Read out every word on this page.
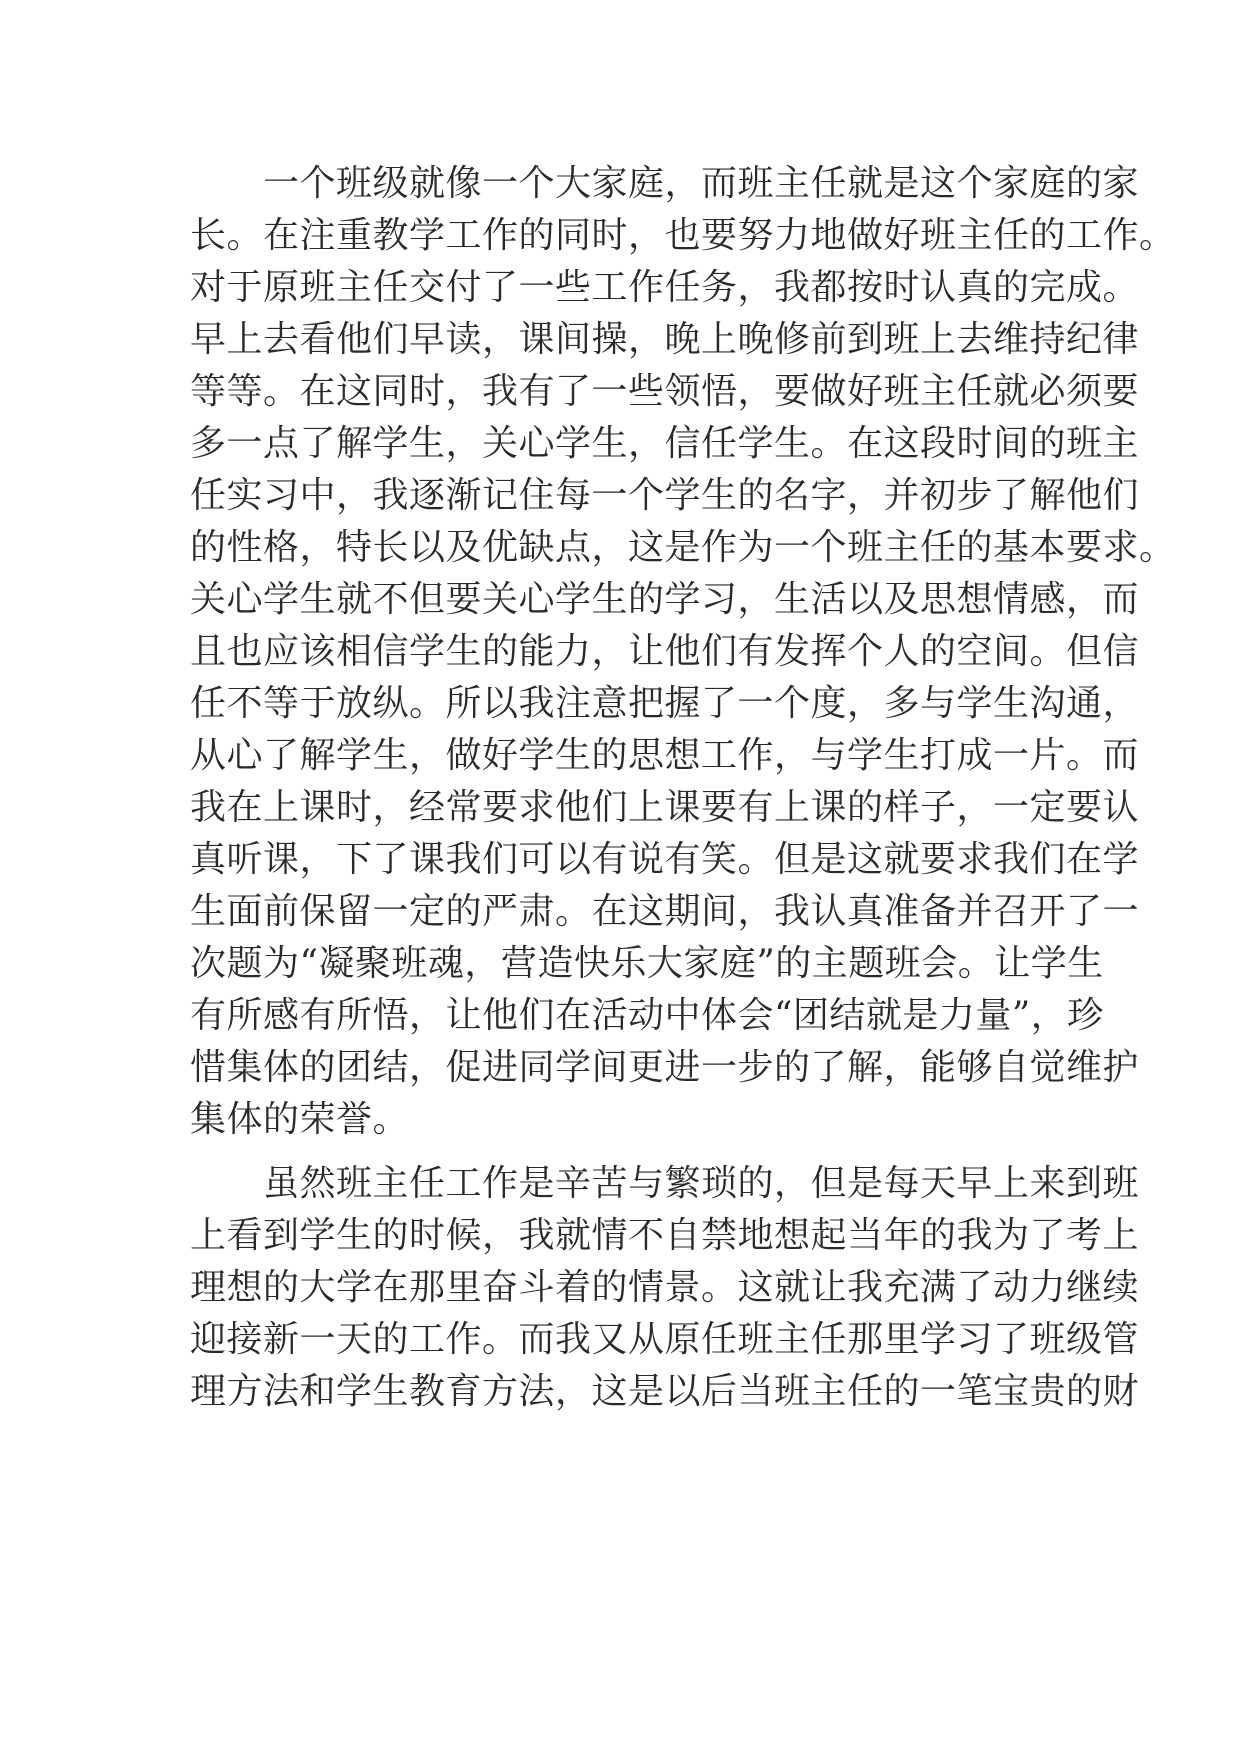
　　一个班级就像一个大家庭，而班主任就是这个家庭的家
长。在注重教学工作的同时，也要努力地做好班主任的工作。
对于原班主任交付了一些工作任务，我都按时认真的完成。
早上去看他们早读，课间操，晚上晚修前到班上去维持纪律
等等。在这同时，我有了一些领悟，要做好班主任就必须要
多一点了解学生，关心学生，信任学生。在这段时间的班主
任实习中，我逐渐记住每一个学生的名字，并初步了解他们
的性格，特长以及优缺点，这是作为一个班主任的基本要求。
关心学生就不但要关心学生的学习，生活以及思想情感，而
且也应该相信学生的能力，让他们有发挥个人的空间。但信
任不等于放纵。所以我注意把握了一个度，多与学生沟通，
从心了解学生，做好学生的思想工作，与学生打成一片。而
我在上课时，经常要求他们上课要有上课的样子，一定要认
真听课，下了课我们可以有说有笑。但是这就要求我们在学
生面前保留一定的严肃。在这期间，我认真准备并召开了一
次题为“凝聚班魂，营造快乐大家庭”的主题班会。让学生
有所感有所悟，让他们在活动中体会“团结就是力量”，珍
惜集体的团结，促进同学间更进一步的了解，能够自觉维护
集体的荣誉。
　　虽然班主任工作是辛苦与繁琐的，但是每天早上来到班
上看到学生的时候，我就情不自禁地想起当年的我为了考上
理想的大学在那里奋斗着的情景。这就让我充满了动力继续
迎接新一天的工作。而我又从原任班主任那里学习了班级管
理方法和学生教育方法，这是以后当班主任的一笔宝贵的财
